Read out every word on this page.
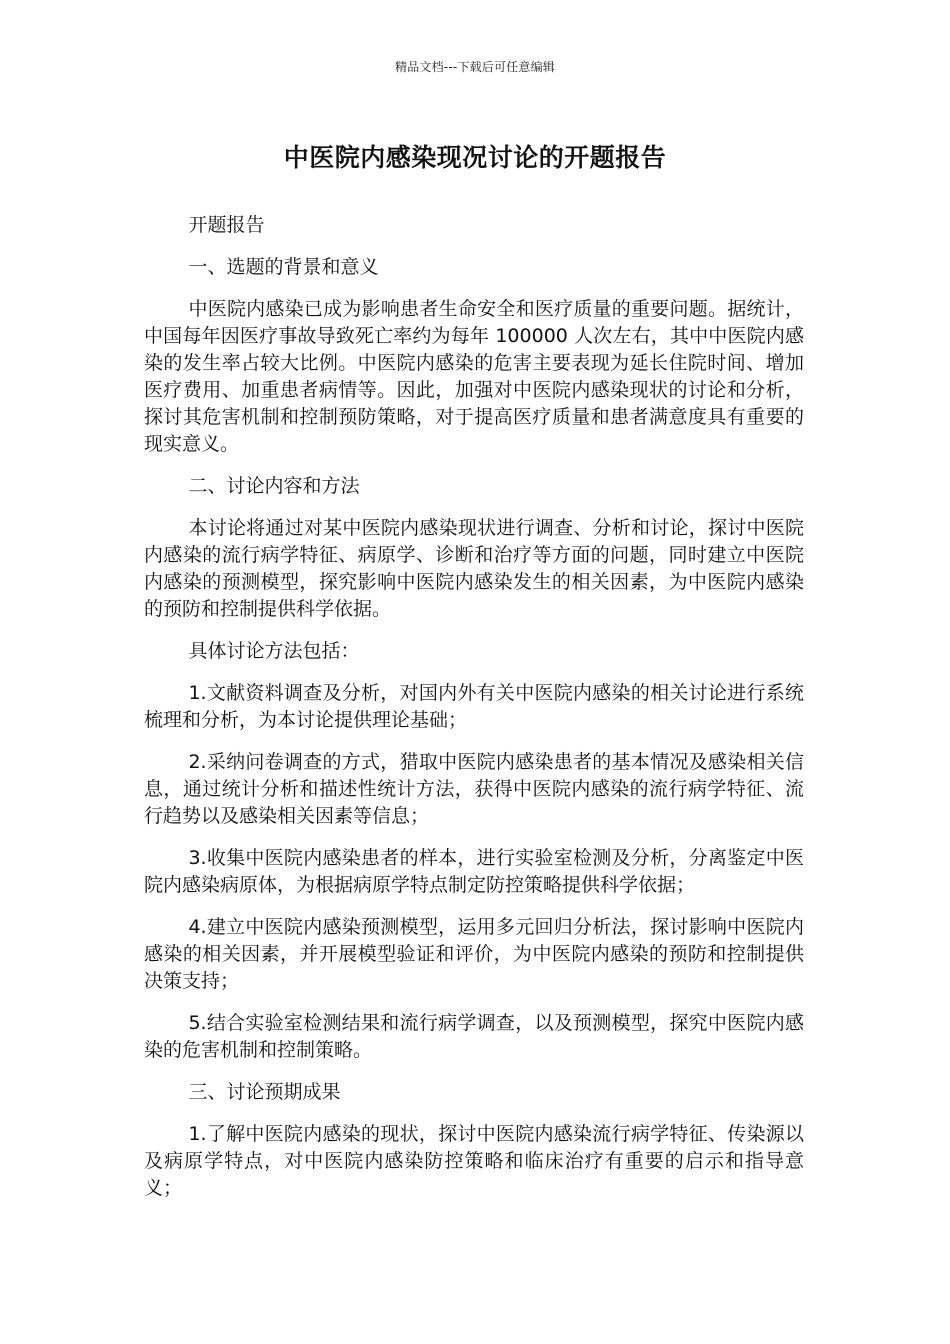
精品文档---下载后可任意编辑
中医院内感染现况讨论的开题报告

开题报告

一、选题的背景和意义

中医院内感染已成为影响患者生命安全和医疗质量的重要问题。据统计，中国每年因医疗事故导致死亡率约为每年 100000 人次左右，其中中医院内感染的发生率占较大比例。中医院内感染的危害主要表现为延长住院时间、增加医疗费用、加重患者病情等。因此，加强对中医院内感染现状的讨论和分析，探讨其危害机制和控制预防策略，对于提高医疗质量和患者满意度具有重要的现实意义。

二、讨论内容和方法

本讨论将通过对某中医院内感染现状进行调查、分析和讨论，探讨中医院内感染的流行病学特征、病原学、诊断和治疗等方面的问题，同时建立中医院内感染的预测模型，探究影响中医院内感染发生的相关因素，为中医院内感染的预防和控制提供科学依据。

具体讨论方法包括：

1.文献资料调查及分析，对国内外有关中医院内感染的相关讨论进行系统梳理和分析，为本讨论提供理论基础；

2.采纳问卷调查的方式，猎取中医院内感染患者的基本情况及感染相关信息，通过统计分析和描述性统计方法，获得中医院内感染的流行病学特征、流行趋势以及感染相关因素等信息；

3.收集中医院内感染患者的样本，进行实验室检测及分析，分离鉴定中医院内感染病原体，为根据病原学特点制定防控策略提供科学依据；

4.建立中医院内感染预测模型，运用多元回归分析法，探讨影响中医院内感染的相关因素，并开展模型验证和评价，为中医院内感染的预防和控制提供决策支持；

5.结合实验室检测结果和流行病学调查，以及预测模型，探究中医院内感染的危害机制和控制策略。

三、讨论预期成果

1.了解中医院内感染的现状，探讨中医院内感染流行病学特征、传染源以及病原学特点，对中医院内感染防控策略和临床治疗有重要的启示和指导意义；
